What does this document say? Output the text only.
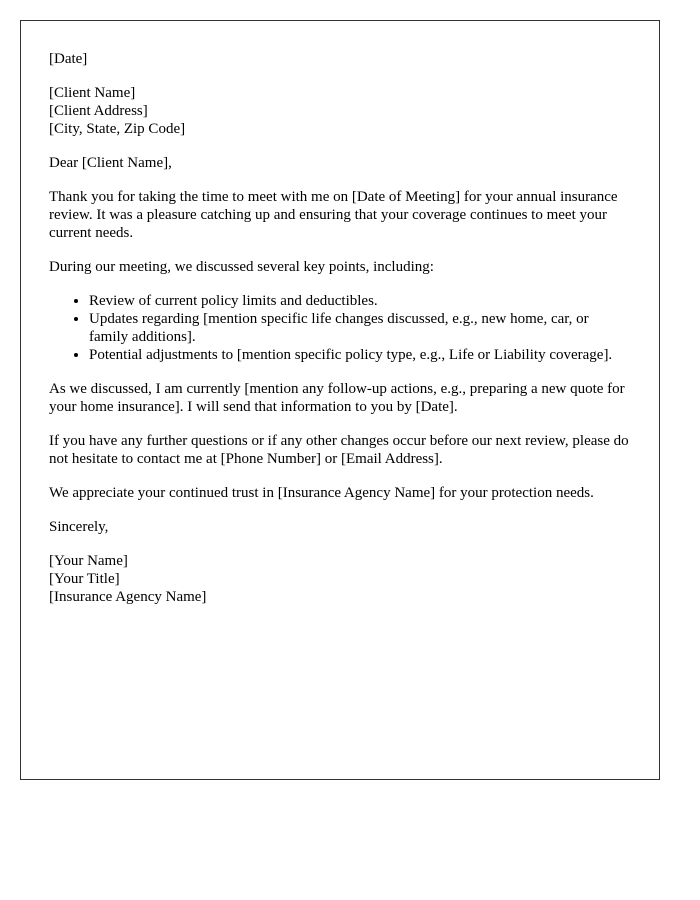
[Date]

[Client Name]
[Client Address]
[City, State, Zip Code]

Dear [Client Name],

Thank you for taking the time to meet with me on [Date of Meeting] for your annual insurance review. It was a pleasure catching up and ensuring that your coverage continues to meet your current needs.

During our meeting, we discussed several key points, including:

• Review of current policy limits and deductibles.
• Updates regarding [mention specific life changes discussed, e.g., new home, car, or family additions].
• Potential adjustments to [mention specific policy type, e.g., Life or Liability coverage].

As we discussed, I am currently [mention any follow-up actions, e.g., preparing a new quote for your home insurance]. I will send that information to you by [Date].

If you have any further questions or if any other changes occur before our next review, please do not hesitate to contact me at [Phone Number] or [Email Address].

We appreciate your continued trust in [Insurance Agency Name] for your protection needs.

Sincerely,

[Your Name]
[Your Title]
[Insurance Agency Name]
